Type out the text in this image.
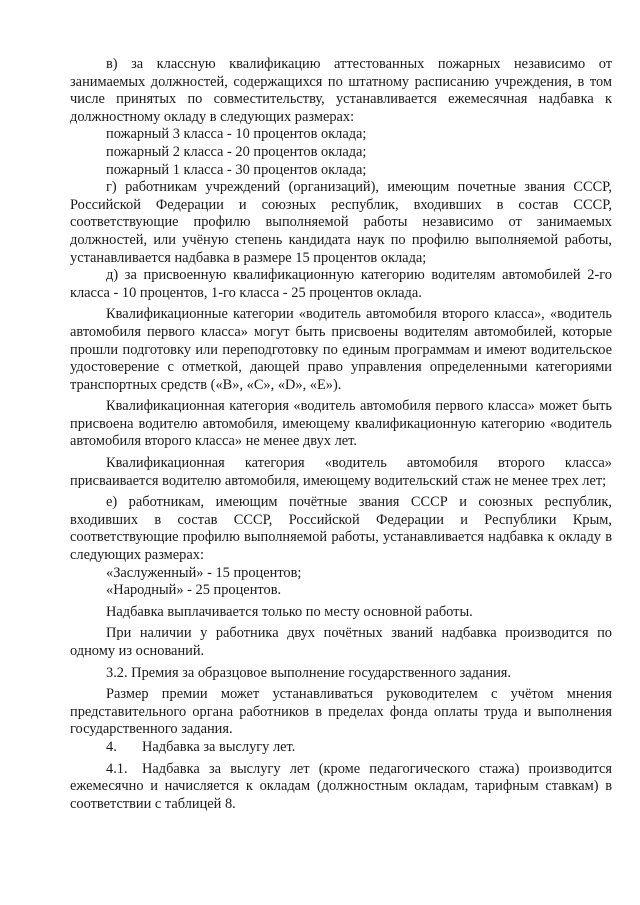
в) за классную квалификацию аттестованных пожарных независимо от занимаемых должностей, содержащихся по штатному расписанию учреждения, в том числе принятых по совместительству, устанавливается ежемесячная надбавка к должностному окладу в следующих размерах:

пожарный 3 класса - 10 процентов оклада;

пожарный 2 класса - 20 процентов оклада;

пожарный 1 класса - 30 процентов оклада;

г) работникам учреждений (организаций), имеющим почетные звания СССР, Российской Федерации и союзных республик, входивших в состав СССР, соответствующие профилю выполняемой работы независимо от занимаемых должностей, или учёную степень кандидата наук по профилю выполняемой работы, устанавливается надбавка в размере 15 процентов оклада;

д) за присвоенную квалификационную категорию водителям автомобилей 2-го класса - 10 процентов, 1-го класса - 25 процентов оклада.

Квалификационные категории «водитель автомобиля второго класса», «водитель автомобиля первого класса» могут быть присвоены водителям автомобилей, которые прошли подготовку или переподготовку по единым программам и имеют водительское удостоверение с отметкой, дающей право управления определенными категориями транспортных средств («B», «C», «D», «E»).

Квалификационная категория «водитель автомобиля первого класса» может быть присвоена водителю автомобиля, имеющему квалификационную категорию «водитель автомобиля второго класса» не менее двух лет.

Квалификационная категория «водитель автомобиля второго класса» присваивается водителю автомобиля, имеющему водительский стаж не менее трех лет;

е) работникам, имеющим почётные звания СССР и союзных республик, входивших в состав СССР, Российской Федерации и Республики Крым, соответствующие профилю выполняемой работы, устанавливается надбавка к окладу в следующих размерах:

«Заслуженный» - 15 процентов;

«Народный» - 25 процентов.

Надбавка выплачивается только по месту основной работы.

При наличии у работника двух почётных званий надбавка производится по одному из оснований.

3.2. Премия за образцовое выполнение государственного задания.

Размер премии может устанавливаться руководителем с учётом мнения представительного органа работников в пределах фонда оплаты труда и выполнения государственного задания.

4. Надбавка за выслугу лет.

4.1. Надбавка за выслугу лет (кроме педагогического стажа) производится ежемесячно и начисляется к окладам (должностным окладам, тарифным ставкам) в соответствии с таблицей 8.
